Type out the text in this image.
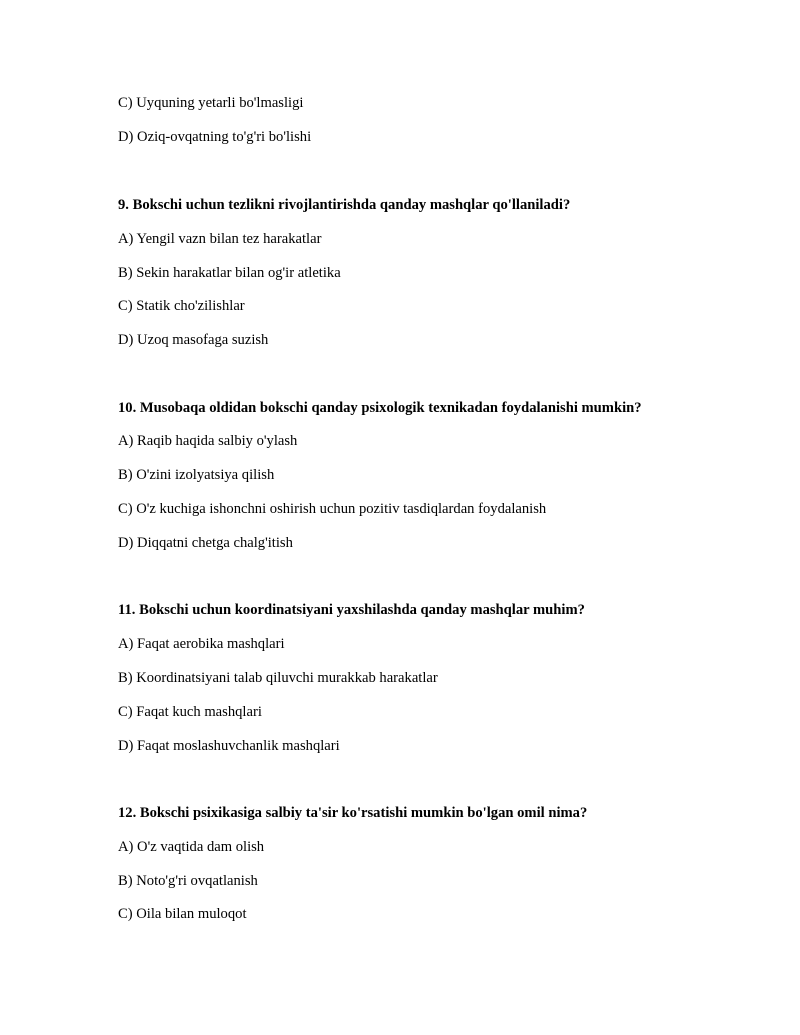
C) Uyquning yetarli bo'lmasligi
D) Oziq-ovqatning to'g'ri bo'lishi
9. Bokschi uchun tezlikni rivojlantirishda qanday mashqlar qo'llaniladi?
A) Yengil vazn bilan tez harakatlar
B) Sekin harakatlar bilan og'ir atletika
C) Statik cho'zilishlar
D) Uzoq masofaga suzish
10. Musobaqa oldidan bokschi qanday psixologik texnikadan foydalanishi mumkin?
A) Raqib haqida salbiy o'ylash
B) O'zini izolyatsiya qilish
C) O'z kuchiga ishonchni oshirish uchun pozitiv tasdiqlardan foydalanish
D) Diqqatni chetga chalg'itish
11. Bokschi uchun koordinatsiyani yaxshilashda qanday mashqlar muhim?
A) Faqat aerobika mashqlari
B) Koordinatsiyani talab qiluvchi murakkab harakatlar
C) Faqat kuch mashqlari
D) Faqat moslashuvchanlik mashqlari
12. Bokschi psixikasiga salbiy ta'sir ko'rsatishi mumkin bo'lgan omil nima?
A) O'z vaqtida dam olish
B) Noto'g'ri ovqatlanish
C) Oila bilan muloqot
